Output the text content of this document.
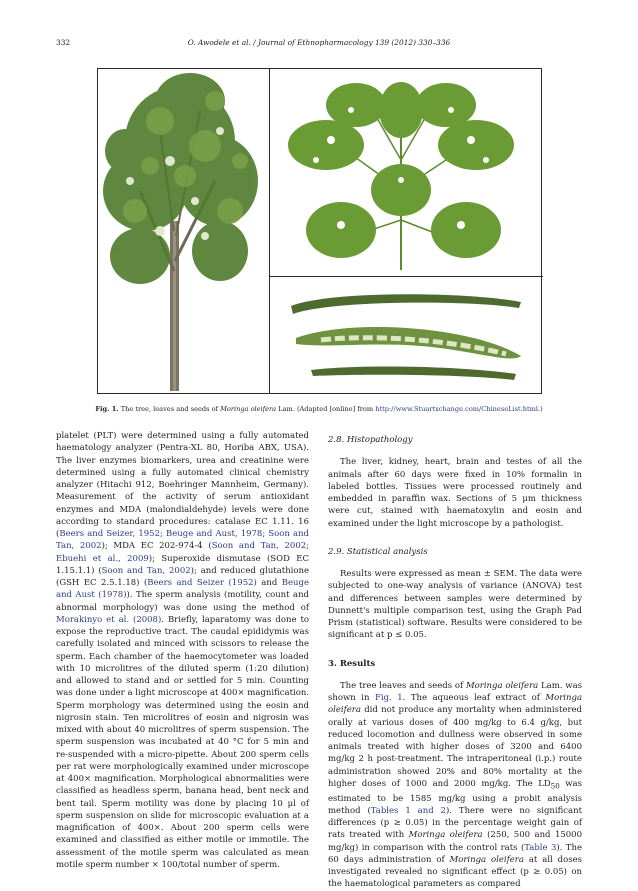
332	O. Awodele et al. / Journal of Ethnopharmacology 139 (2012) 330–336
Fig. 1. The tree, leaves and seeds of Moringa oleifera Lam. (Adapted [online] from http://www.Stuartxchange.com/ChineseList.html.)

platelet (PLT) were determined using a fully automated haematology analyzer (Pentra-XL 80, Horiba ABX, USA). The liver enzymes biomarkers, urea and creatinine were determined using a fully automated clinical chemistry analyzer (Hitachi 912, Boehringer Mannheim, Germany). Measurement of the activity of serum antioxidant enzymes and MDA (malondialdehyde) levels were done according to standard procedures: catalase EC 1.11. 16 (Beers and Seizer, 1952; Beuge and Aust, 1978; Soon and Tan, 2002); MDA EC 202-974-4 (Soon and Tan, 2002; Ebuehi et al., 2009); Superoxide dismutase (SOD EC 1.15.1.1) (Soon and Tan, 2002); and reduced glutathione (GSH EC 2.5.1.18) (Beers and Seizer (1952) and Beuge and Aust (1978)). The sperm analysis (motility, count and abnormal morphology) was done using the method of Morakinyo et al. (2008). Briefly, laparatomy was done to expose the reproductive tract. The caudal epididymis was carefully isolated and minced with scissors to release the sperm. Each chamber of the haemocytometer was loaded with 10 microlitres of the diluted sperm (1:20 dilution) and allowed to stand and or settled for 5 min. Counting was done under a light microscope at 400× magnification. Sperm morphology was determined using the eosin and nigrosin stain. Ten microlitres of eosin and nigrosin was mixed with about 40 microlitres of sperm suspension. The sperm suspension was incubated at 40 °C for 5 min and re-suspended with a micro-pipette. About 200 sperm cells per rat were morphologically examined under microscope at 400× magnification. Morphological abnormalities were classified as headless sperm, banana head, bent neck and bent tail. Sperm motility was done by placing 10 μl of sperm suspension on slide for microscopic evaluation at a magnification of 400×. About 200 sperm cells were examined and classified as either motile or immotile. The assessment of the motile sperm was calculated as mean motile sperm number × 100/total number of sperm.

2.8. Histopathology

The liver, kidney, heart, brain and testes of all the animals after 60 days were fixed in 10% formalin in labeled bottles. Tissues were processed routinely and embedded in paraffin wax. Sections of 5 μm thickness were cut, stained with haematoxylin and eosin and examined under the light microscope by a pathologist.

2.9. Statistical analysis

Results were expressed as mean ± SEM. The data were subjected to one-way analysis of variance (ANOVA) test and differences between samples were determined by Dunnett's multiple comparison test, using the Graph Pad Prism (statistical) software. Results were considered to be significant at p ≤ 0.05.

3. Results

The tree leaves and seeds of Moringa oleifera Lam. was shown in Fig. 1. The aqueous leaf extract of Moringa oleifera did not produce any mortality when administered orally at various doses of 400 mg/kg to 6.4 g/kg, but reduced locomotion and dullness were observed in some animals treated with higher doses of 3200 and 6400 mg/kg 2 h post-treatment. The intraperitoneal (i.p.) route administration showed 20% and 80% mortality at the higher doses of 1000 and 2000 mg/kg. The $LD_{50}$ was estimated to be 1585 mg/kg using a probit analysis method (Tables 1 and 2). There were no significant differences (p ≥ 0.05) in the percentage weight gain of rats treated with Moringa oleifera (250, 500 and 15000 mg/kg) in comparison with the control rats (Table 3). The 60 days administration of Moringa oleifera at all doses investigated revealed no significant effect (p ≥ 0.05) on the haematological parameters as compared
